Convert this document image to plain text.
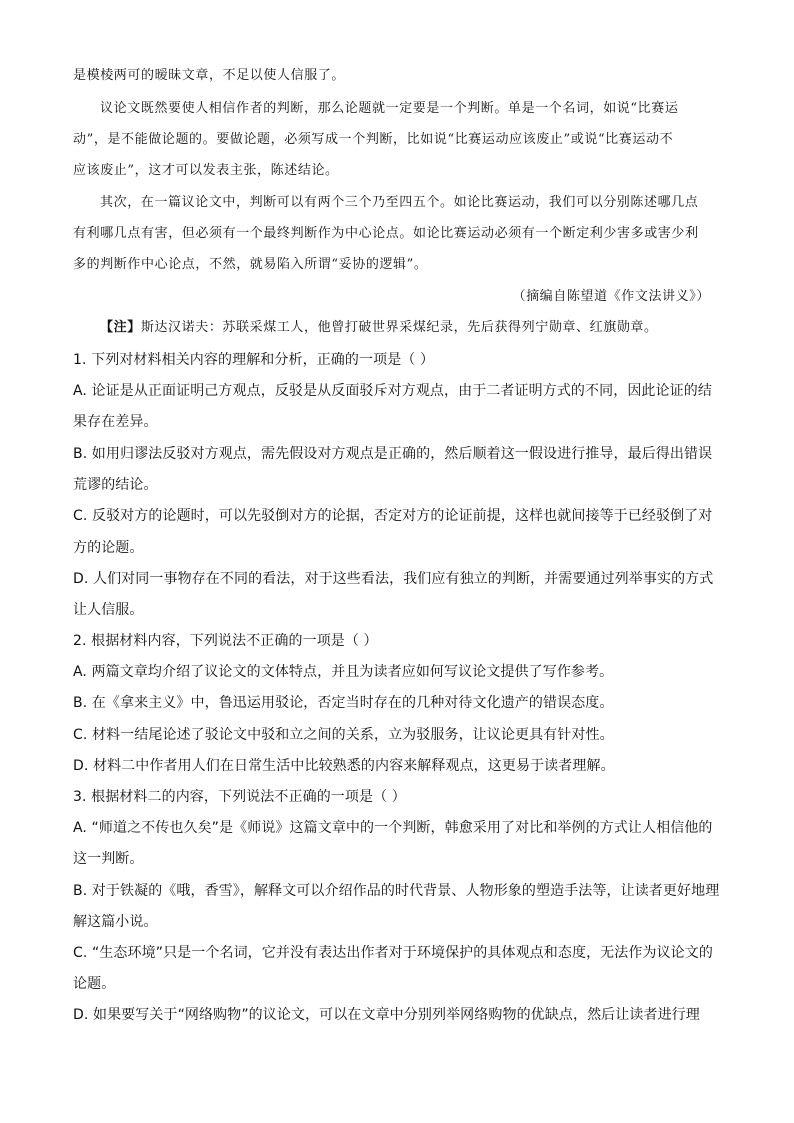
是模棱两可的暧昧文章，不足以使人信服了。
议论文既然要使人相信作者的判断，那么论题就一定要是一个判断。单是一个名词，如说“比赛运
动”，是不能做论题的。要做论题，必须写成一个判断，比如说“比赛运动应该废止”或说“比赛运动不
应该废止”，这才可以发表主张，陈述结论。
其次，在一篇议论文中，判断可以有两个三个乃至四五个。如论比赛运动，我们可以分别陈述哪几点
有利哪几点有害，但必须有一个最终判断作为中心论点。如论比赛运动必须有一个断定利少害多或害少利
多的判断作中心论点，不然，就易陷入所谓“妥协的逻辑”。
（摘编自陈望道《作文法讲义》）
【注】斯达汉诺夫：苏联采煤工人，他曾打破世界采煤纪录，先后获得列宁勋章、红旗勋章。
1. 下列对材料相关内容的理解和分析，正确的一项是（ ）
A. 论证是从正面证明己方观点，反驳是从反面驳斥对方观点，由于二者证明方式的不同，因此论证的结
果存在差异。
B. 如用归谬法反驳对方观点，需先假设对方观点是正确的，然后顺着这一假设进行推导，最后得出错误
荒谬的结论。
C. 反驳对方的论题时，可以先驳倒对方的论据，否定对方的论证前提，这样也就间接等于已经驳倒了对
方的论题。
D. 人们对同一事物存在不同的看法，对于这些看法，我们应有独立的判断，并需要通过列举事实的方式
让人信服。
2. 根据材料内容，下列说法不正确的一项是（ ）
A. 两篇文章均介绍了议论文的文体特点，并且为读者应如何写议论文提供了写作参考。
B. 在《拿来主义》中，鲁迅运用驳论，否定当时存在的几种对待文化遗产的错误态度。
C. 材料一结尾论述了驳论文中驳和立之间的关系，立为驳服务，让议论更具有针对性。
D. 材料二中作者用人们在日常生活中比较熟悉的内容来解释观点，这更易于读者理解。
3. 根据材料二的内容，下列说法不正确的一项是（ ）
A. “师道之不传也久矣”是《师说》这篇文章中的一个判断，韩愈采用了对比和举例的方式让人相信他的
这一判断。
B. 对于铁凝的《哦，香雪》，解释文可以介绍作品的时代背景、人物形象的塑造手法等，让读者更好地理
解这篇小说。
C. “生态环境”只是一个名词，它并没有表达出作者对于环境保护的具体观点和态度，无法作为议论文的
论题。
D. 如果要写关于“网络购物”的议论文，可以在文章中分别列举网络购物的优缺点，然后让读者进行理
